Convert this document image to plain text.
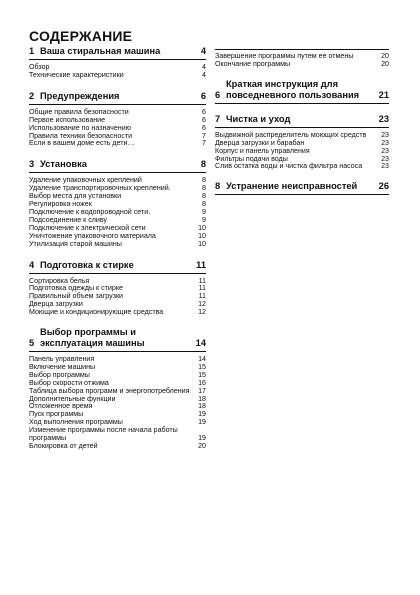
СОДЕРЖАНИЕ
1 Ваша стиральная машина	4
Обзор	4
Технические характеристики	4
2 Предупреждения	6
Общие правила безопасности	6
Первое использование	6
Использование по назначению	6
Правила техники безопасности	7
Если в вашем доме есть дети…	7
3 Установка	8
Удаление упаковочных креплений	8
Удаление транспортировочных креплений.	8
Выбор места для установки	8
Регулировка ножек	8
Подключение к водопроводной сети.	9
Подсоединение к сливу	9
Подключение к электрической сети	10
Уничтожение упаковочного материала	10
Утилизация старой машины	10
4 Подготовка к стирке	11
Сортировка белья	11
Подготовка одежды к стирке	11
Правильный объем загрузки	11
Дверца загрузки	12
Моющие и кондиционирующие средства	12
5
Выбор программы и эксплуатация машины	14
Панель управления	14
Включение машины	15
Выбор программы	15
Выбор скорости отжима	16
Таблица выбора программ и энергопотребления	17
Дополнительные функции	18
Отложенное время	18
Пуск программы	19
Ход выполнения программы	19
Изменение программы после начала работы программы	19
Блокировка от детей	20
Завершение программы путем ее отмены	20
Окончание программы	20
6
Краткая инструкция для повседневного пользования	21
7 Чистка и уход	23
Выдвижной распределитель моющих средств	23
Дверца загрузки и барабан	23
Корпус и панель управления	23
Фильтры подачи воды	23
Слив остатка воды и чистка фильтра насоса	23
8 Устранение неисправностей	26
